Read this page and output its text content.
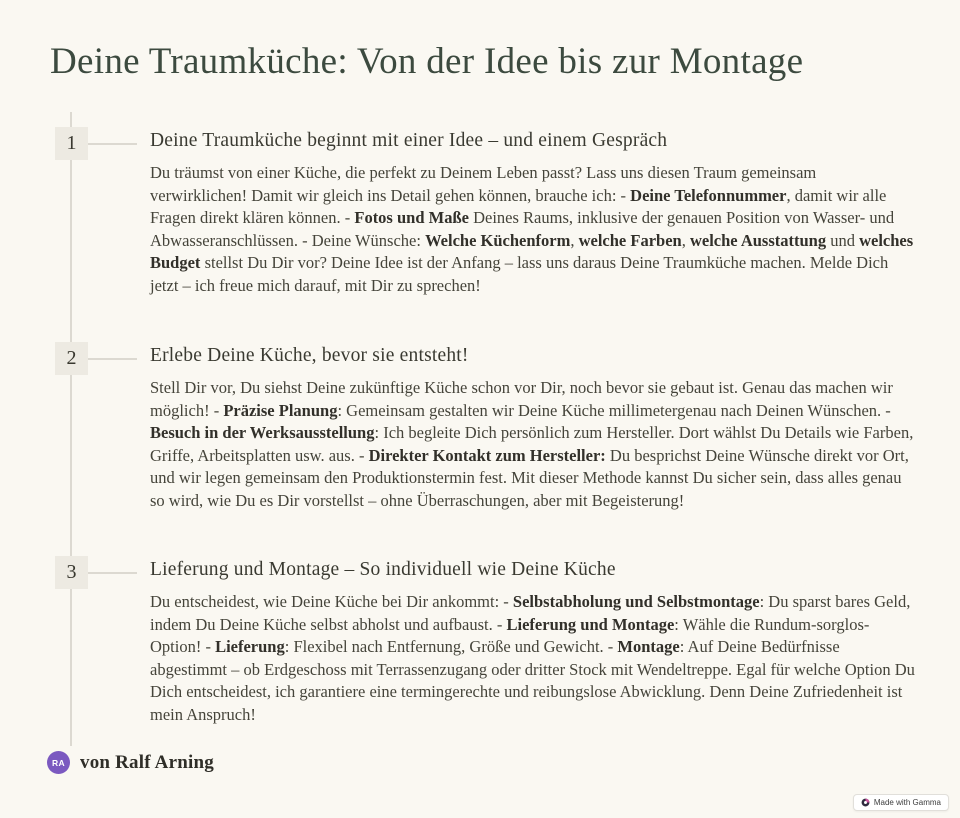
Deine Traumküche: Von der Idee bis zur Montage
1	Deine Traumküche beginnt mit einer Idee – und einem Gespräch

Du träumst von einer Küche, die perfekt zu Deinem Leben passt? Lass uns diesen Traum gemeinsam verwirklichen! Damit wir gleich ins Detail gehen können, brauche ich: - Deine Telefonnummer, damit wir alle Fragen direkt klären können. - Fotos und Maße Deines Raums, inklusive der genauen Position von Wasser- und Abwasseranschlüssen. - Deine Wünsche: Welche Küchenform, welche Farben, welche Ausstattung und welches Budget stellst Du Dir vor? Deine Idee ist der Anfang – lass uns daraus Deine Traumküche machen. Melde Dich jetzt – ich freue mich darauf, mit Dir zu sprechen!

2	Erlebe Deine Küche, bevor sie entsteht!

Stell Dir vor, Du siehst Deine zukünftige Küche schon vor Dir, noch bevor sie gebaut ist. Genau das machen wir möglich! - Präzise Planung: Gemeinsam gestalten wir Deine Küche millimetergenau nach Deinen Wünschen. - Besuch in der Werksausstellung: Ich begleite Dich persönlich zum Hersteller. Dort wählst Du Details wie Farben, Griffe, Arbeitsplatten usw. aus. - Direkter Kontakt zum Hersteller: Du besprichst Deine Wünsche direkt vor Ort, und wir legen gemeinsam den Produktionstermin fest. Mit dieser Methode kannst Du sicher sein, dass alles genau so wird, wie Du es Dir vorstellst – ohne Überraschungen, aber mit Begeisterung!

3	Lieferung und Montage – So individuell wie Deine Küche

Du entscheidest, wie Deine Küche bei Dir ankommt: - Selbstabholung und Selbstmontage: Du sparst bares Geld, indem Du Deine Küche selbst abholst und aufbaust. - Lieferung und Montage: Wähle die Rundum-sorglos-Option! - Lieferung: Flexibel nach Entfernung, Größe und Gewicht. - Montage: Auf Deine Bedürfnisse abgestimmt – ob Erdgeschoss mit Terrassenzugang oder dritter Stock mit Wendeltreppe. Egal für welche Option Du Dich entscheidest, ich garantiere eine termingerechte und reibungslose Abwicklung. Denn Deine Zufriedenheit ist mein Anspruch!

RA von Ralf Arning
Made with Gamma
